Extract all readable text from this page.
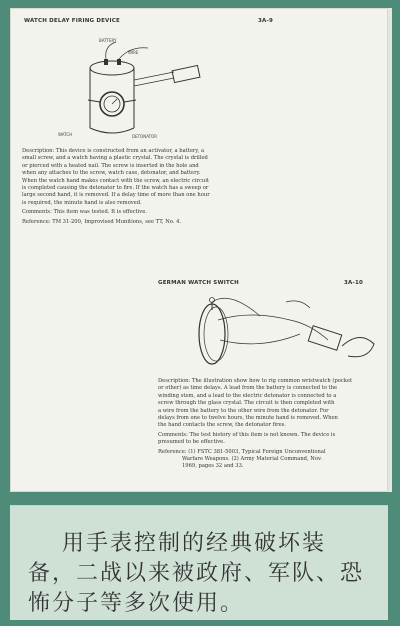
WATCH DELAY FIRING DEVICE	3A-9
BATTERY
WIRE
WATCH	DETONATOR
Description: This device is constructed from an activator, a battery, a
small screw, and a watch having a plastic crystal. The crystal is drilled
or pierced with a heated nail. The screw is inserted in the hole and
when any attaches to the screw, watch case, detonator, and battery.
When the watch hand makes contact with the screw, an electric circuit
is completed causing the detonator to fire. If the watch has a sweep or
large second hand, it is removed. If a delay time of more than one hour
is required, the minute hand is also removed.
Comments: This item was tested. It is effective.
Reference: TM 31-200, Improvised Munitions, see TT, No. 4.
GERMAN WATCH SWITCH	3A-10
Description: The illustration show how to rig common wristwatch (pocket
or other) as time delays. A lead from the battery is connected to the
winding stem, and a lead to the electric detonator is connected to a
screw through the glass crystal. The circuit is then completed with
a wire from the battery to the other wire from the detonator. For
delays from one to twelve hours, the minute hand is removed. When
the hand contacts the screw, the detonator fires.
Comments: The test history of this item is not known. The device is
presumed to be effective.
Reference: (1) FSTC 381-5003, Typical Foreign Unconventional
Warfare Weapons. (2) Army Material Command, Nov.
1969, pages 32 and 33.
用手表控制的经典破坏装
备，二战以来被政府、军队、恐
怖分子等多次使用。
